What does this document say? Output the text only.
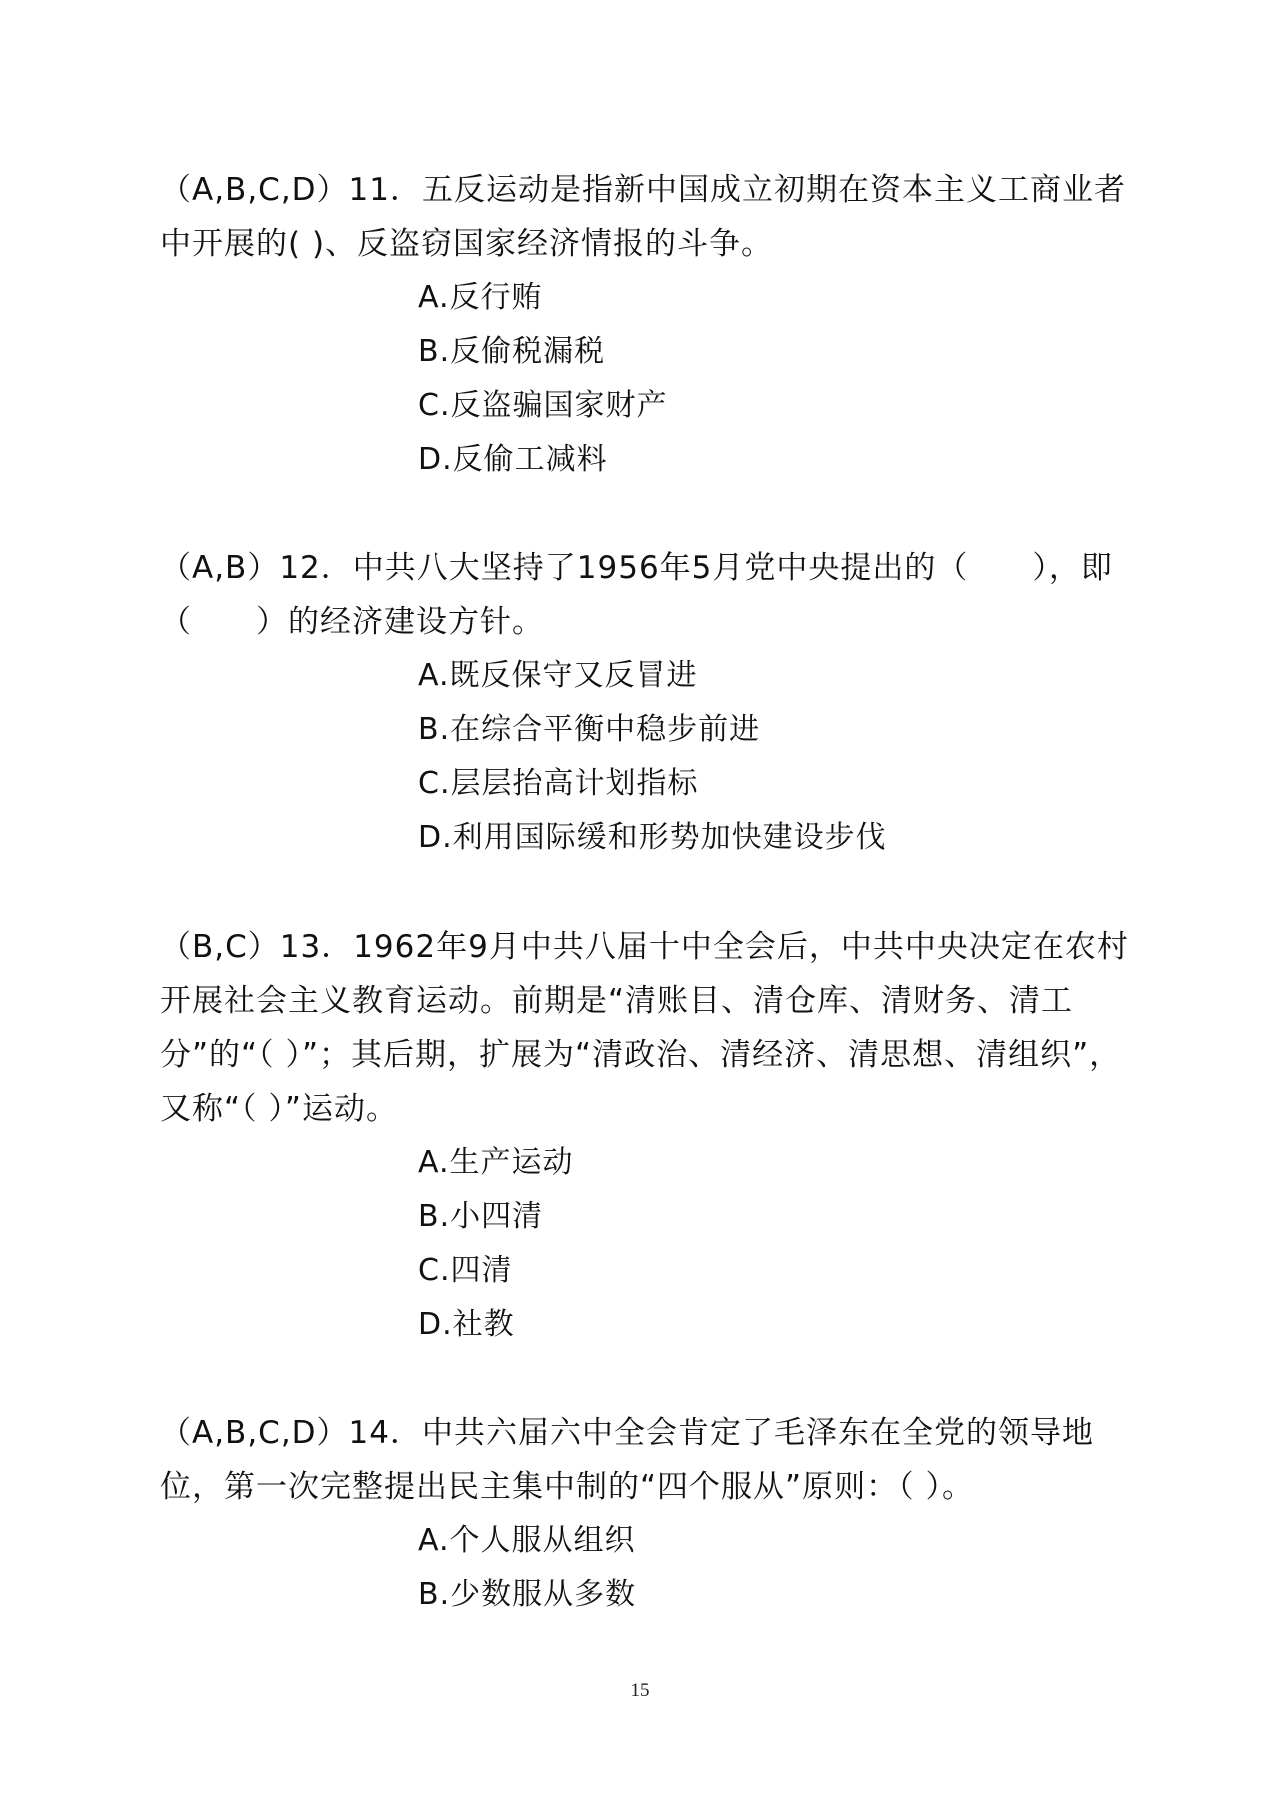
（A,B,C,D）11．五反运动是指新中国成立初期在资本主义工商业者中开展的( )、反盗窃国家经济情报的斗争。

A.反行贿
B.反偷税漏税
C.反盗骗国家财产
D.反偷工减料

（A,B）12．中共八大坚持了1956年5月党中央提出的（　　），即（　　）的经济建设方针。

A.既反保守又反冒进
B.在综合平衡中稳步前进
C.层层抬高计划指标
D.利用国际缓和形势加快建设步伐

（B,C）13．1962年9月中共八届十中全会后，中共中央决定在农村开展社会主义教育运动。前期是“清账目、清仓库、清财务、清工分”的“（ ）”；其后期，扩展为“清政治、清经济、清思想、清组织”，又称“（ ）”运动。

A.生产运动
B.小四清
C.四清
D.社教

（A,B,C,D）14．中共六届六中全会肯定了毛泽东在全党的领导地位，第一次完整提出民主集中制的“四个服从”原则：（ ）。

A.个人服从组织
B.少数服从多数
15
